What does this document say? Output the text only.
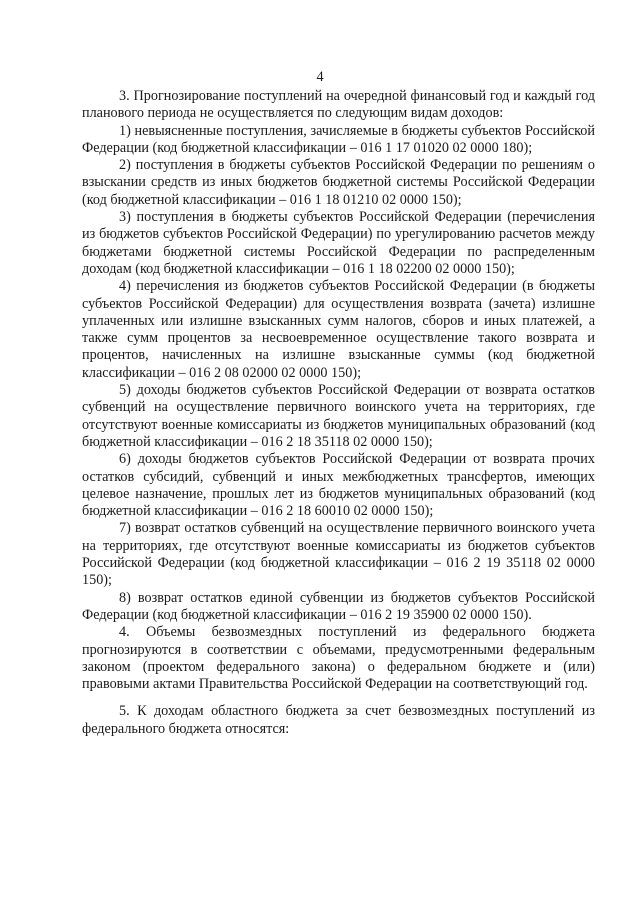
4

3. Прогнозирование поступлений на очередной финансовый год и каждый год планового периода не осуществляется по следующим видам доходов:

1) невыясненные поступления, зачисляемые в бюджеты субъектов Российской Федерации (код бюджетной классификации – 016 1 17 01020 02 0000 180);

2) поступления в бюджеты субъектов Российской Федерации по решениям о взыскании средств из иных бюджетов бюджетной системы Российской Федерации (код бюджетной классификации – 016 1 18 01210 02 0000 150);

3) поступления в бюджеты субъектов Российской Федерации (перечисления из бюджетов субъектов Российской Федерации) по урегулированию расчетов между бюджетами бюджетной системы Российской Федерации по распределенным доходам (код бюджетной классификации – 016 1 18 02200 02 0000 150);

4) перечисления из бюджетов субъектов Российской Федерации (в бюджеты субъектов Российской Федерации) для осуществления возврата (зачета) излишне уплаченных или излишне взысканных сумм налогов, сборов и иных платежей, а также сумм процентов за несвоевременное осуществление такого возврата и процентов, начисленных на излишне взысканные суммы (код бюджетной классификации – 016 2 08 02000 02 0000 150);

5) доходы бюджетов субъектов Российской Федерации от возврата остатков субвенций на осуществление первичного воинского учета на территориях, где отсутствуют военные комиссариаты из бюджетов муниципальных образований (код бюджетной классификации – 016 2 18 35118 02 0000 150);

6) доходы бюджетов субъектов Российской Федерации от возврата прочих остатков субсидий, субвенций и иных межбюджетных трансфертов, имеющих целевое назначение, прошлых лет из бюджетов муниципальных образований (код бюджетной классификации – 016 2 18 60010 02 0000 150);

7) возврат остатков субвенций на осуществление первичного воинского учета на территориях, где отсутствуют военные комиссариаты из бюджетов субъектов Российской Федерации (код бюджетной классификации – 016 2 19 35118 02 0000 150);

8) возврат остатков единой субвенции из бюджетов субъектов Российской Федерации (код бюджетной классификации – 016 2 19 35900 02 0000 150).

4. Объемы безвозмездных поступлений из федерального бюджета прогнозируются в соответствии с объемами, предусмотренными федеральным законом (проектом федерального закона) о федеральном бюджете и (или) правовыми актами Правительства Российской Федерации на соответствующий год.

5. К доходам областного бюджета за счет безвозмездных поступлений из федерального бюджета относятся:
